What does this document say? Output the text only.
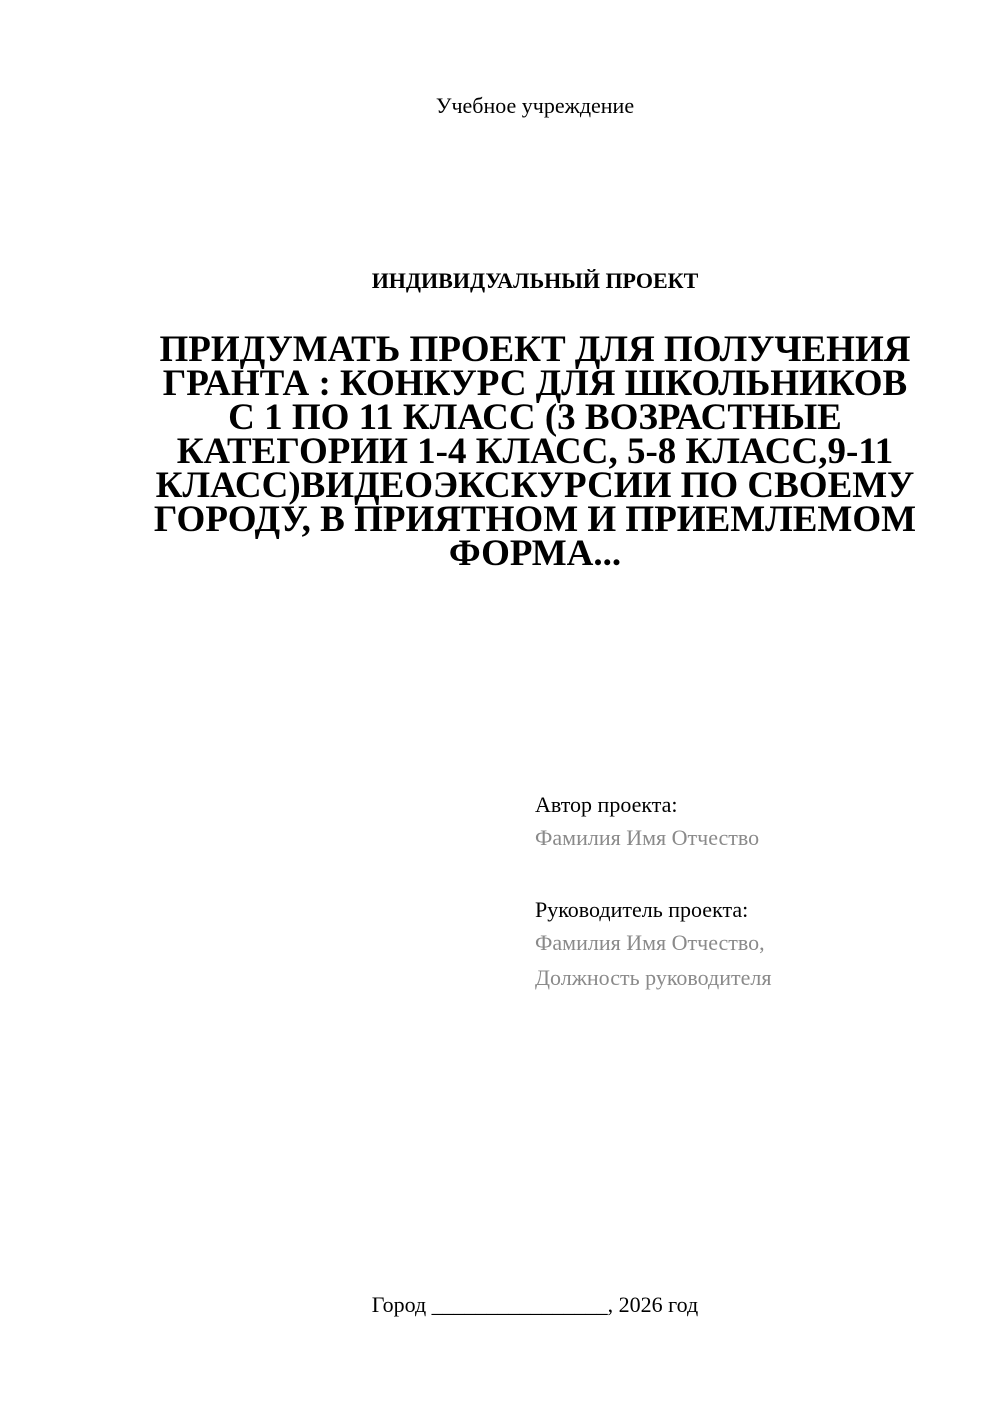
Учебное учреждение
ИНДИВИДУАЛЬНЫЙ ПРОЕКТ
ПРИДУМАТЬ ПРОЕКТ ДЛЯ ПОЛУЧЕНИЯ ГРАНТА : КОНКУРС ДЛЯ ШКОЛЬНИКОВ С 1 ПО 11 КЛАСС (3 ВОЗРАСТНЫЕ КАТЕГОРИИ 1-4 КЛАСС, 5-8 КЛАСС,9-11 КЛАСС)ВИДЕОЭКСКУРСИИ ПО СВОЕМУ ГОРОДУ, В ПРИЯТНОМ И ПРИЕМЛЕМОМ ФОРМА...

Автор проекта:

Фамилия Имя Отчество

Руководитель проекта:

Фамилия Имя Отчество,

Должность руководителя

Город ________________, 2026 год
